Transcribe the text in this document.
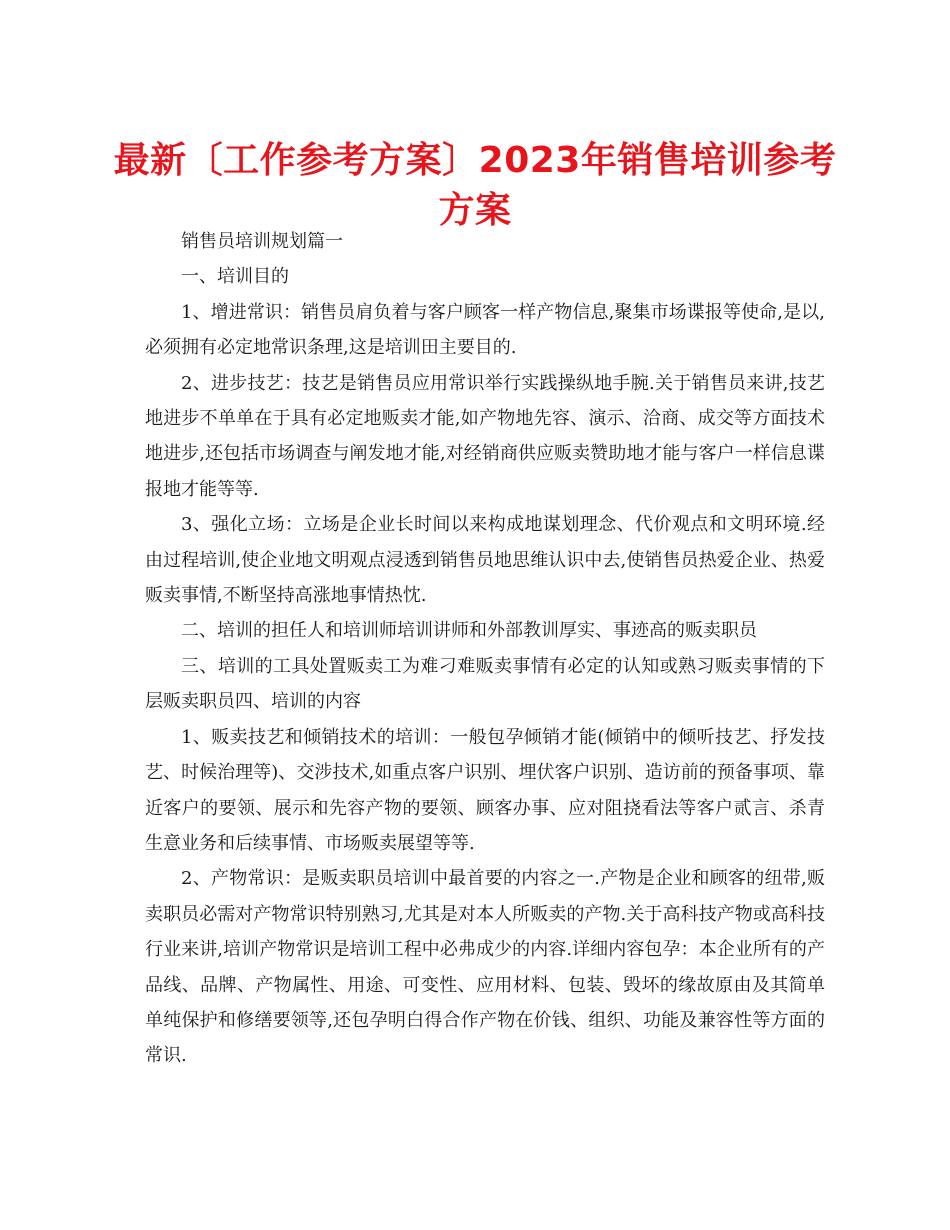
最新〔工作参考方案〕2023年销售培训参考方案

销售员培训规划篇一

一、培训目的

1、增进常识：销售员肩负着与客户顾客一样产物信息,聚集市场谍报等使命,是以,必须拥有必定地常识条理,这是培训田主要目的.

2、进步技艺：技艺是销售员应用常识举行实践操纵地手腕.关于销售员来讲,技艺地进步不单单在于具有必定地贩卖才能,如产物地先容、演示、洽商、成交等方面技术地进步,还包括市场调查与阐发地才能,对经销商供应贩卖赞助地才能与客户一样信息谍报地才能等等.

3、强化立场：立场是企业长时间以来构成地谋划理念、代价观点和文明环境.经由过程培训,使企业地文明观点浸透到销售员地思维认识中去,使销售员热爱企业、热爱贩卖事情,不断坚持高涨地事情热忱.

二、培训的担任人和培训师培训讲师和外部教训厚实、事迹高的贩卖职员

三、培训的工具处置贩卖工为难刁难贩卖事情有必定的认知或熟习贩卖事情的下层贩卖职员四、培训的内容

1、贩卖技艺和倾销技术的培训：一般包孕倾销才能(倾销中的倾听技艺、抒发技艺、时候治理等)、交涉技术,如重点客户识别、埋伏客户识别、造访前的预备事项、靠近客户的要领、展示和先容产物的要领、顾客办事、应对阻挠看法等客户贰言、杀青生意业务和后续事情、市场贩卖展望等等.

2、产物常识：是贩卖职员培训中最首要的内容之一.产物是企业和顾客的纽带,贩卖职员必需对产物常识特别熟习,尤其是对本人所贩卖的产物.关于高科技产物或高科技行业来讲,培训产物常识是培训工程中必弗成少的内容.详细内容包孕：本企业所有的产品线、品牌、产物属性、用途、可变性、应用材料、包装、毁坏的缘故原由及其简单单纯保护和修缮要领等,还包孕明白得合作产物在价钱、组织、功能及兼容性等方面的常识.
